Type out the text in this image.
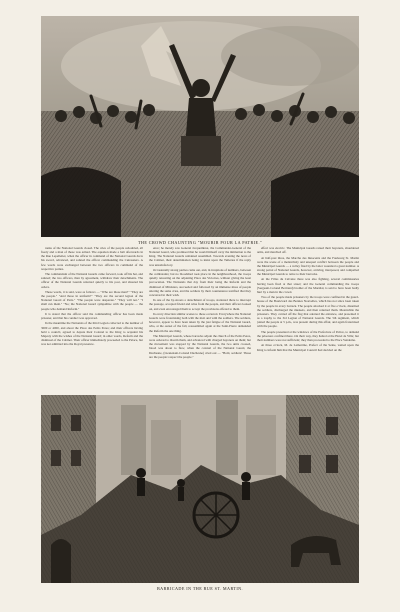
THE CROWD CHAUNTING "MOURIR POUR LA PATRIE."

ranks of the National Guards closed. The cries of the people redoubled, all freely and a man of those was armed. The equation made a halt afterwards in the Rue Lepelletier, when the officer in command of the National Guards drew his sword, advanced, and saluted the officer commanding the Cuirassiers. A few words were exchanged between the two officers in command of the respective parties.

The commandant of the National Guards came forward, took off his hat, and saluted; the two officers, then by agreement, withdrew their detachments. The officer of the National Guards returned quietly to his post, and shouted his orders.

These words, it is said, were as follows — "Who are those men?" "They are the people." "And those in uniform?" "They are the second legion of the National Guard of Paris." "The people were desperate." "They will not." "I shall run them." "No; the National Guard sympathise with the people — the people who demand Reform."

It is stated that the officer said the commanding officer has been made prisoner, and that his conduct was approved.

In the meantime the Nationals of the third Legion collected to the number of 3000 or 4000, and about the Place des Petits Peres; and their officers having held a council, agreed to depute their Colonel to the King to acquaint his Majesty with the wishes of the National Guard; in other words, Reform and the dismissal of the Cabinet. Their officer immediately proceeded to the Palace, but was not admitted into the Royal presence.

ence; he merely saw General Jacqueminot, the Commander-General of the National Guard, who promised that he would himself carry the intimation to the King. The National Guards remained assembled. Towards evening the news of the Cabinet, their determination being to insist upon the Tuileries if the reply was unsatisfactory.

Occasionally strong parties came out, and, in irruptions of numbers, between the combatants; but no bloodshed took place in the neighbourhood, the troops quietly retreating on the adjoining Place des Victoires, without giving the least provocation. The Nationals that day from their being the Reform and the dismissal of Ministers, succeeded and followed by an immense mass of people uttering the same cries, and the soldiers by their countenance testified that they concurred in their wish.

In one of the by-streets a detachment of troops, stationed there to intercept the passage, accepted friend and wine from the people, and their officers looked on, and even encouraged them to accept the provisions offered to them.

In every direction similar scenes to these occurred. Everywhere the National Guards were fraternising both with the mob and with the soldiers. The soldiers, however, appear to have been taken by the just fatigue of the National Guard, who, at the outset of the fall, reassembled again at the Saint-Pierre demanded the Reform the one thing.

The Municipal Guards, whose barracks adjoin the church of the Petits Peres, were ordered to disarm them, and advanced with charged bayonets on them; but the movement was stopped by the National Guards, the two units crossed, blood was about to flow, when the colonel of the National Guard, the Duchesne, (Lieutenant-Colonel Duchesne) cried out — "Hold, soldiers! Those are the people: respect the people."

effect was electric. The Municipal Guards raised their bayonets, shouldered arms, and marched off.

At half-past three, the Marche des Innocents and the Faubourg St. Martin were the scene of a melancholy and unequal conflict between the people and the Municipal Guards — a volley fired by the latter wounded a great number. A strong patrol of National Guards, however, arriving, interposed, and compelled the Municipal Guards to retire to their barracks.

At the Filles du Calvaire there was also fighting, several commissaries having been fired at that street; and the General commanding the troops (Sergeant-Colonel Bertrand) brother of the Marshal, is said to have been badly hurt by a man in the crowd.

Two of the people made prisoners by the troops were confined in the guard-house of the Boulevard des Bonnes Nouvelles, which has not since been taken by the people in every barrack. The people attacked it at five o'clock, disarmed the soldiers, discharged the muskets, and then returned them. Meanwhile the prisoners. They carried off the flag that adorned the entrance, and presented it as a trophy to the 3rd Legion of National Guards. The 5th regiment, which joined the people at 5 p.m., was present during this affair, and again fraternised with the people.

The people presented at the windows of the Prefecture of Police, to demand the prisoners confined there. On their way, they halted at the Hotel de Ville; but their numbers were not sufficient; they then proceeded to the Place Vendome.

At three o'clock, M. de Lamartine, Prefect of the Seine, waited upon the King to inform him that the Municipal Council had decided on the

BARRICADE IN THE RUE ST. MARTIN.
